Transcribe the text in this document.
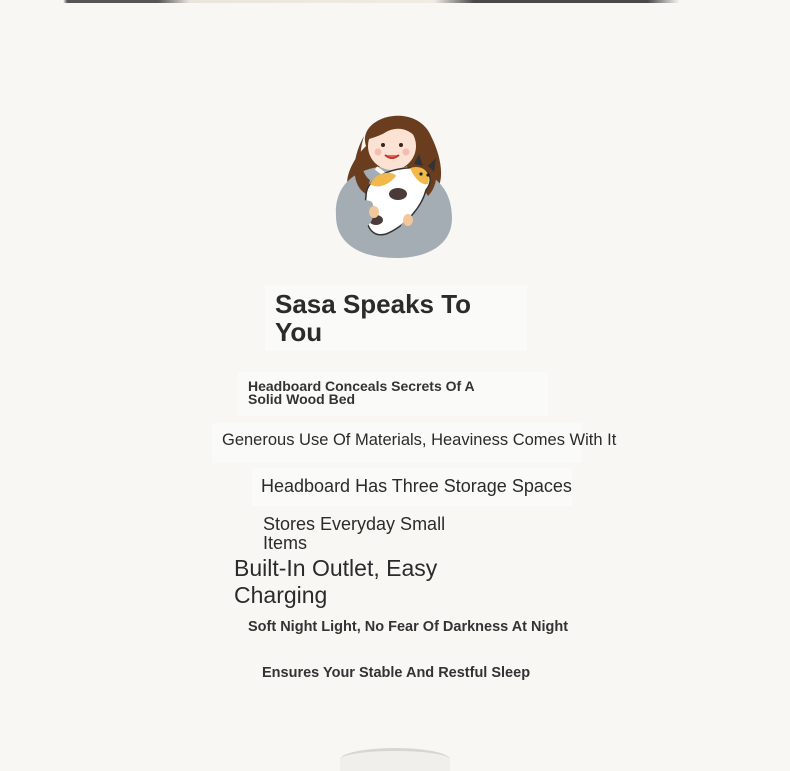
Sasa Speaks To You
Headboard Conceals Secrets Of A Solid Wood Bed
Generous Use Of Materials, Heaviness Comes With It
Headboard Has Three Storage Spaces
Stores Everyday Small Items
Built-In Outlet, Easy Charging
Soft Night Light, No Fear Of Darkness At Night
Ensures Your Stable And Restful Sleep
